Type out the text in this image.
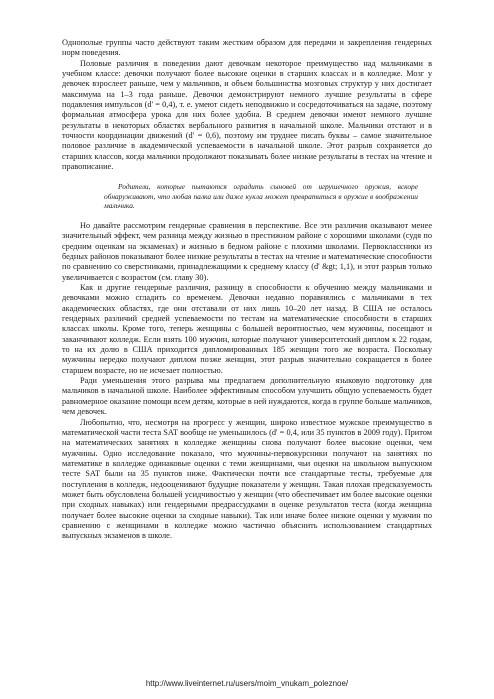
Однополые группы часто действуют таким жестким образом для передачи и закрепления гендерных норм поведения.

Половые различия в поведении дают девочкам некоторое преимущество над мальчиками в учебном классе: девочки получают более высокие оценки в старших классах и в колледже. Мозг у девочек взрослеет раньше, чем у мальчиков, и объем большинства мозговых структур у них достигает максимума на 1–3 года раньше. Девочки демонстрируют немного лучшие результаты в сфере подавления импульсов (d' = 0,4), т. е. умеют сидеть неподвижно и сосредоточиваться на задаче, поэтому формальная атмосфера урока для них более удобна. В среднем девочки имеют немного лучшие результаты в некоторых областях вербального развития в начальной школе. Мальчики отстают и в точности координации движений (d' = 0,6), поэтому им труднее писать буквы – самое значительное половое различие в академической успеваемости в начальной школе. Этот разрыв сохраняется до старших классов, когда мальчики продолжают показывать более низкие результаты в тестах на чтение и правописание.

Родители, которые пытаются оградить сыновей от игрушечного оружия, вскоре обнаруживают, что любая палка или даже кукла может превратиться в оружие в воображении мальчика.

Но давайте рассмотрим гендерные сравнения в перспективе. Все эти различия оказывают менее значительный эффект, чем разница между жизнью в престижном районе с хорошими школами (судя по средним оценкам на экзаменах) и жизнью в бедном районе с плохими школами. Первоклассники из бедных районов показывают более низкие результаты в тестах на чтение и математические способности по сравнению со сверстниками, принадлежащими к среднему классу (d' &gt; 1,1), и этот разрыв только увеличивается с возрастом (см. главу 30).

Как и другие гендерные различия, разницу в способности к обучению между мальчиками и девочками можно сгладить со временем. Девочки недавно поравнялись с мальчиками в тех академических областях, где они отставали от них лишь 10–20 лет назад. В США не осталось гендерных различий средней успеваемости по тестам на математические способности в старших классах школы. Кроме того, теперь женщины с большей вероятностью, чем мужчины, посещают и заканчивают колледж. Если взять 100 мужчин, которые получают университетский диплом к 22 годам, то на их долю в США приходится дипломированных 185 женщин того же возраста. Поскольку мужчины нередко получают диплом позже женщин, этот разрыв значительно сокращается в более старшем возрасте, но не исчезает полностью.

Ради уменьшения этого разрыва мы предлагаем дополнительную языковую подготовку для мальчиков в начальной школе. Наиболее эффективным способом улучшить общую успеваемость будет равномерное оказание помощи всем детям, которые в ней нуждаются, когда в группе больше мальчиков, чем девочек.

Любопытно, что, несмотря на прогресс у женщин, широко известное мужское преимущество в математической части теста SAT вообще не уменьшилось (d' = 0,4, или 35 пунктов в 2009 году). Притом на математических занятиях в колледже женщины снова получают более высокие оценки, чем мужчины. Одно исследование показало, что мужчины-первокурсники получают на занятиях по математике в колледже одинаковые оценки с теми женщинами, чьи оценки на школьном выпускном тесте SAT были на 35 пунктов ниже. Фактически почти все стандартные тесты, требуемые для поступления в колледж, недооценивают будущие показатели у женщин. Такая плохая предсказуемость может быть обусловлена большей усидчивостью у женщин (что обеспечивает им более высокие оценки при сходных навыках) или гендерными предрассудками в оценке результатов теста (когда женщина получает более высокие оценки за сходные навыки). Так или иначе более низкие оценки у мужчин по сравнению с женщинами в колледже можно частично объяснить использованием стандартных выпускных экзаменов в школе.

http://www.liveinternet.ru/users/moim_vnukam_poleznoe/
